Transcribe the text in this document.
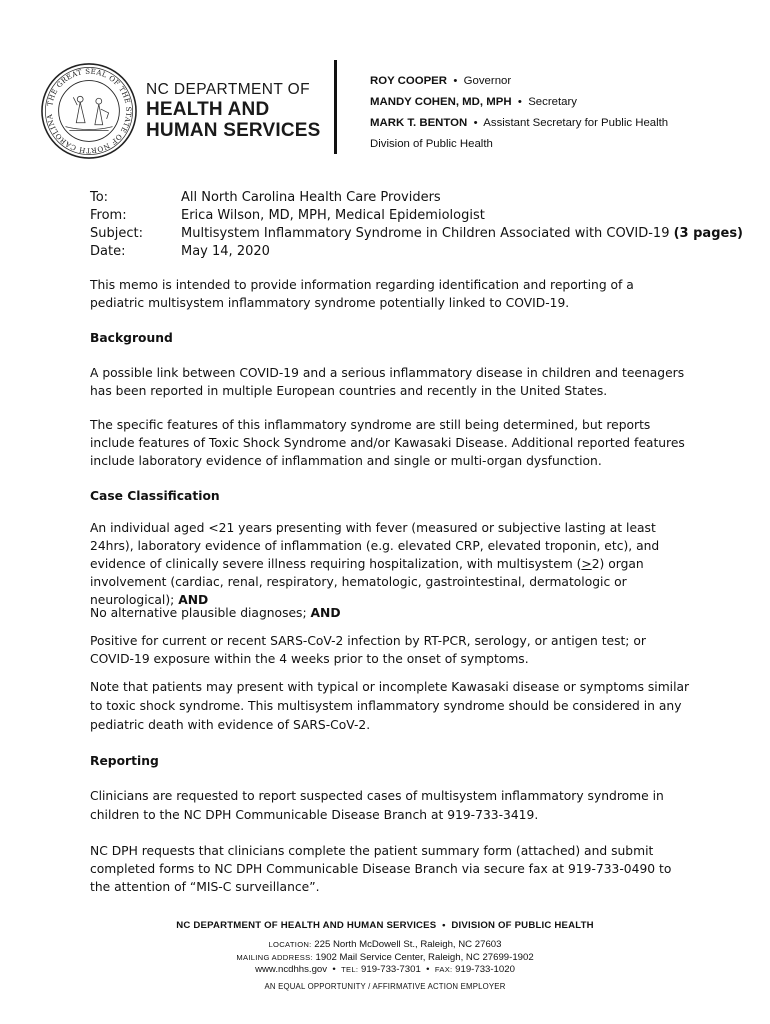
THE GREAT SEAL OF THE STATE OF NORTH CAROLINA
NC DEPARTMENT OF
HEALTH AND
HUMAN SERVICES
ROY COOPER  •  Governor
MANDY COHEN, MD, MPH  •  Secretary
MARK T. BENTON  •  Assistant Secretary for Public Health
Division of Public Health
To:	All North Carolina Health Care Providers
From:	Erica Wilson, MD, MPH, Medical Epidemiologist
Subject:	Multisystem Inflammatory Syndrome in Children Associated with COVID-19 (3 pages)
Date:	May 14, 2020

This memo is intended to provide information regarding identification and reporting of a pediatric multisystem inflammatory syndrome potentially linked to COVID-19.

Background

A possible link between COVID-19 and a serious inflammatory disease in children and teenagers has been reported in multiple European countries and recently in the United States.

The specific features of this inflammatory syndrome are still being determined, but reports include features of Toxic Shock Syndrome and/or Kawasaki Disease. Additional reported features include laboratory evidence of inflammation and single or multi-organ dysfunction.

Case Classification

An individual aged <21 years presenting with fever (measured or subjective lasting at least 24hrs), laboratory evidence of inflammation (e.g. elevated CRP, elevated troponin, etc), and evidence of clinically severe illness requiring hospitalization, with multisystem (>2) organ involvement (cardiac, renal, respiratory, hematologic, gastrointestinal, dermatologic or neurological); AND

No alternative plausible diagnoses; AND

Positive for current or recent SARS-CoV-2 infection by RT-PCR, serology, or antigen test; or COVID-19 exposure within the 4 weeks prior to the onset of symptoms.

Note that patients may present with typical or incomplete Kawasaki disease or symptoms similar to toxic shock syndrome. This multisystem inflammatory syndrome should be considered in any pediatric death with evidence of SARS-CoV-2.

Reporting

Clinicians are requested to report suspected cases of multisystem inflammatory syndrome in children to the NC DPH Communicable Disease Branch at 919-733-3419.

NC DPH requests that clinicians complete the patient summary form (attached) and submit completed forms to NC DPH Communicable Disease Branch via secure fax at 919-733-0490 to the attention of “MIS-C surveillance”.

NC DEPARTMENT OF HEALTH AND HUMAN SERVICES  •  DIVISION OF PUBLIC HEALTH
LOCATION: 225 North McDowell St., Raleigh, NC 27603
MAILING ADDRESS: 1902 Mail Service Center, Raleigh, NC 27699-1902
www.ncdhhs.gov  •  TEL: 919-733-7301  •  FAX: 919-733-1020
AN EQUAL OPPORTUNITY / AFFIRMATIVE ACTION EMPLOYER
